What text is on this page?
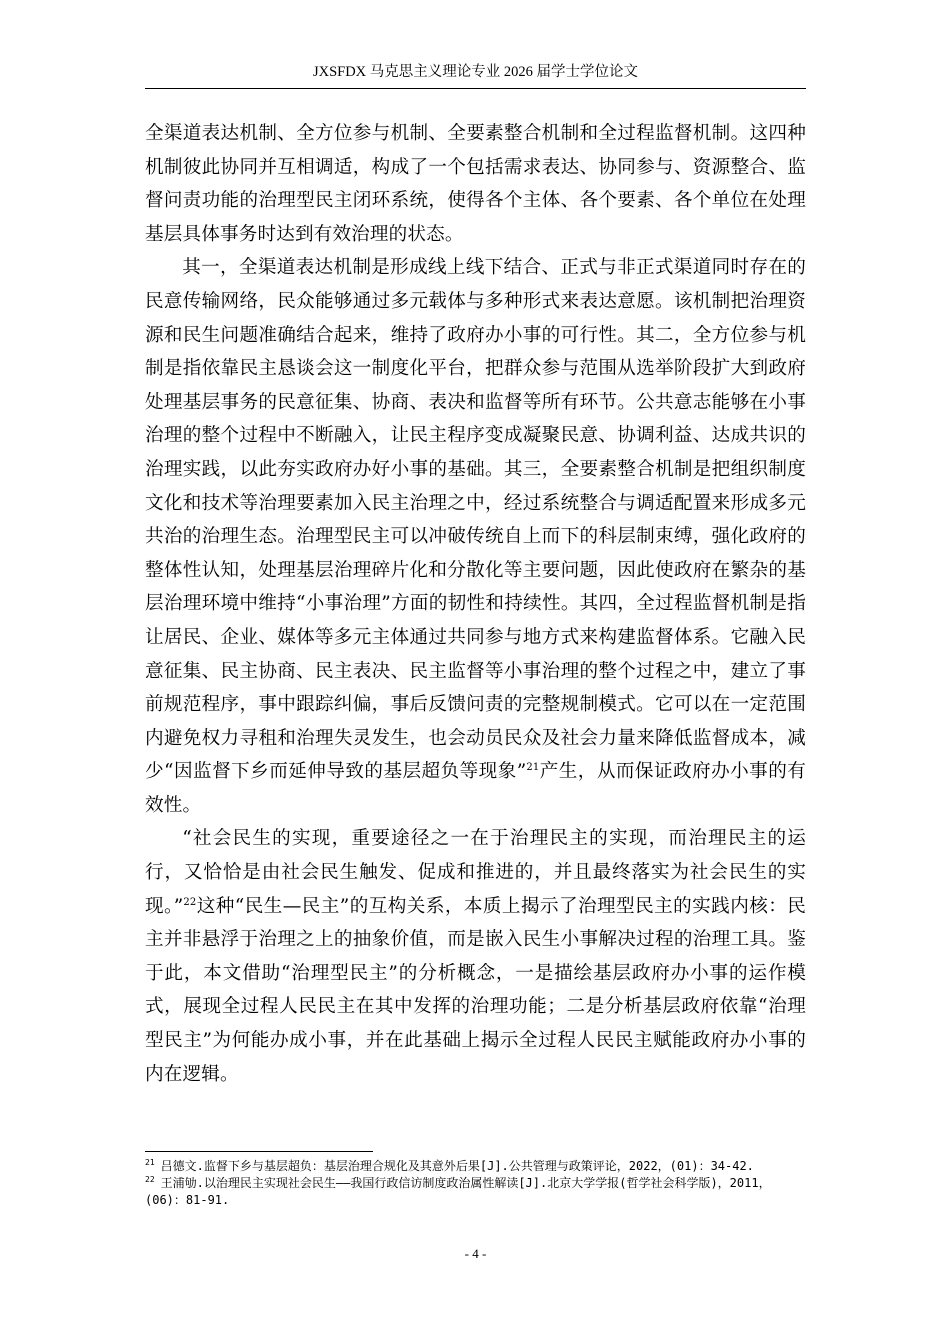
JXSFDX 马克思主义理论专业 2026 届学士学位论文

全渠道表达机制、全方位参与机制、全要素整合机制和全过程监督机制。这四种机制彼此协同并互相调适，构成了一个包括需求表达、协同参与、资源整合、监督问责功能的治理型民主闭环系统，使得各个主体、各个要素、各个单位在处理基层具体事务时达到有效治理的状态。

其一，全渠道表达机制是形成线上线下结合、正式与非正式渠道同时存在的民意传输网络，民众能够通过多元载体与多种形式来表达意愿。该机制把治理资源和民生问题准确结合起来，维持了政府办小事的可行性。其二，全方位参与机制是指依靠民主恳谈会这一制度化平台，把群众参与范围从选举阶段扩大到政府处理基层事务的民意征集、协商、表决和监督等所有环节。公共意志能够在小事治理的整个过程中不断融入，让民主程序变成凝聚民意、协调利益、达成共识的治理实践，以此夯实政府办好小事的基础。其三，全要素整合机制是把组织制度文化和技术等治理要素加入民主治理之中，经过系统整合与调适配置来形成多元共治的治理生态。治理型民主可以冲破传统自上而下的科层制束缚，强化政府的整体性认知，处理基层治理碎片化和分散化等主要问题，因此使政府在繁杂的基层治理环境中维持“小事治理”方面的韧性和持续性。其四，全过程监督机制是指让居民、企业、媒体等多元主体通过共同参与地方式来构建监督体系。它融入民意征集、民主协商、民主表决、民主监督等小事治理的整个过程之中，建立了事前规范程序，事中跟踪纠偏，事后反馈问责的完整规制模式。它可以在一定范围内避免权力寻租和治理失灵发生，也会动员民众及社会力量来降低监督成本，减少“因监督下乡而延伸导致的基层超负等现象”$^{21}$产生，从而保证政府办小事的有效性。

“社会民生的实现，重要途径之一在于治理民主的实现，而治理民主的运行，又恰恰是由社会民生触发、促成和推进的，并且最终落实为社会民生的实现。”$^{22}$这种“民生—民主”的互构关系，本质上揭示了治理型民主的实践内核：民主并非悬浮于治理之上的抽象价值，而是嵌入民生小事解决过程的治理工具。鉴于此，本文借助“治理型民主”的分析概念，一是描绘基层政府办小事的运作模式，展现全过程人民民主在其中发挥的治理功能；二是分析基层政府依靠“治理型民主”为何能办成小事，并在此基础上揭示全过程人民民主赋能政府办小事的内在逻辑。

$^{21}$ 吕德文.监督下乡与基层超负：基层治理合规化及其意外后果[J].公共管理与政策评论，2022，(01)：34-42.
$^{22}$ 王浦劬.以治理民主实现社会民生——我国行政信访制度政治属性解读[J].北京大学学报(哲学社会科学版)，2011，(06)：81-91.
- 4 -
